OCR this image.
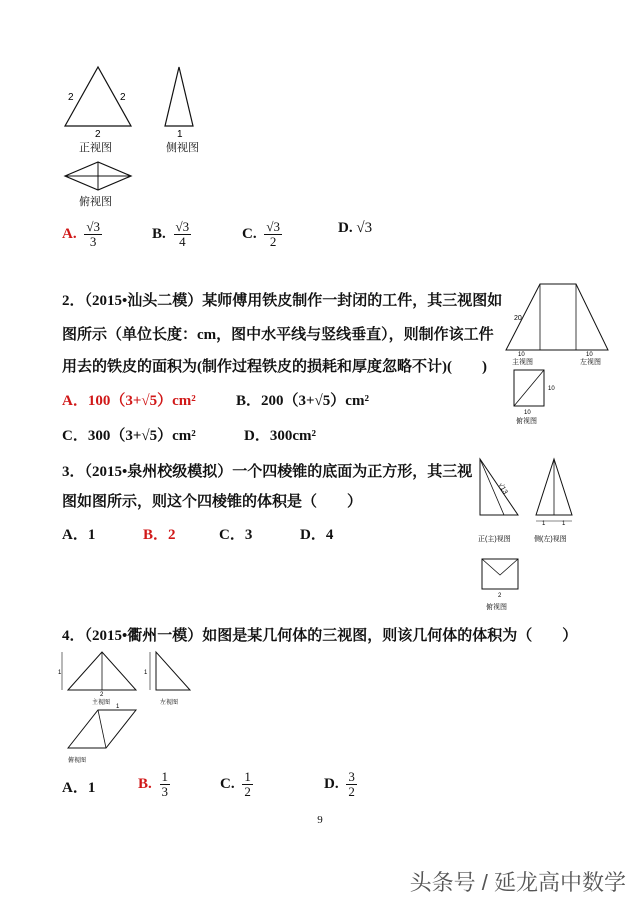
2	2
2	1
正视图	侧视图
俯视图
A. $\frac{√3}{3}$	B. $\frac{√3}{4}$	C. $\frac{√3}{2}$	D. √3
2．（2015•汕头二模）某师傅用铁皮制作一封闭的工件，其三视图如
图所示（单位长度：cm，图中水平线与竖线垂直），则制作该工件
用去的铁皮的面积为(制作过程铁皮的损耗和厚度忽略不计)(　　)
A．100（3+√5）cm²	B．200（3+√5）cm²
C．300（3+√5）cm²	D．300cm²
20
10	10
主视图	左视图
10
10
俯视图
3．（2015•泉州校级模拟）一个四棱锥的底面为正方形，其三视
图如图所示，则这个四棱锥的体积是（　　）
A．1	B．2	C．3	D．4
√13
正(主)视图
1	1
侧(左)视图
2
俯视图
4．（2015•衢州一模）如图是某几何体的三视图，则该几何体的体积为（　　）
1
2
主视图
1
左视图
1
俯视图
A．1	B. $\frac{1}{3}$	C. $\frac{1}{2}$	D. $\frac{3}{2}$
9
头条号 / 延龙高中数学
